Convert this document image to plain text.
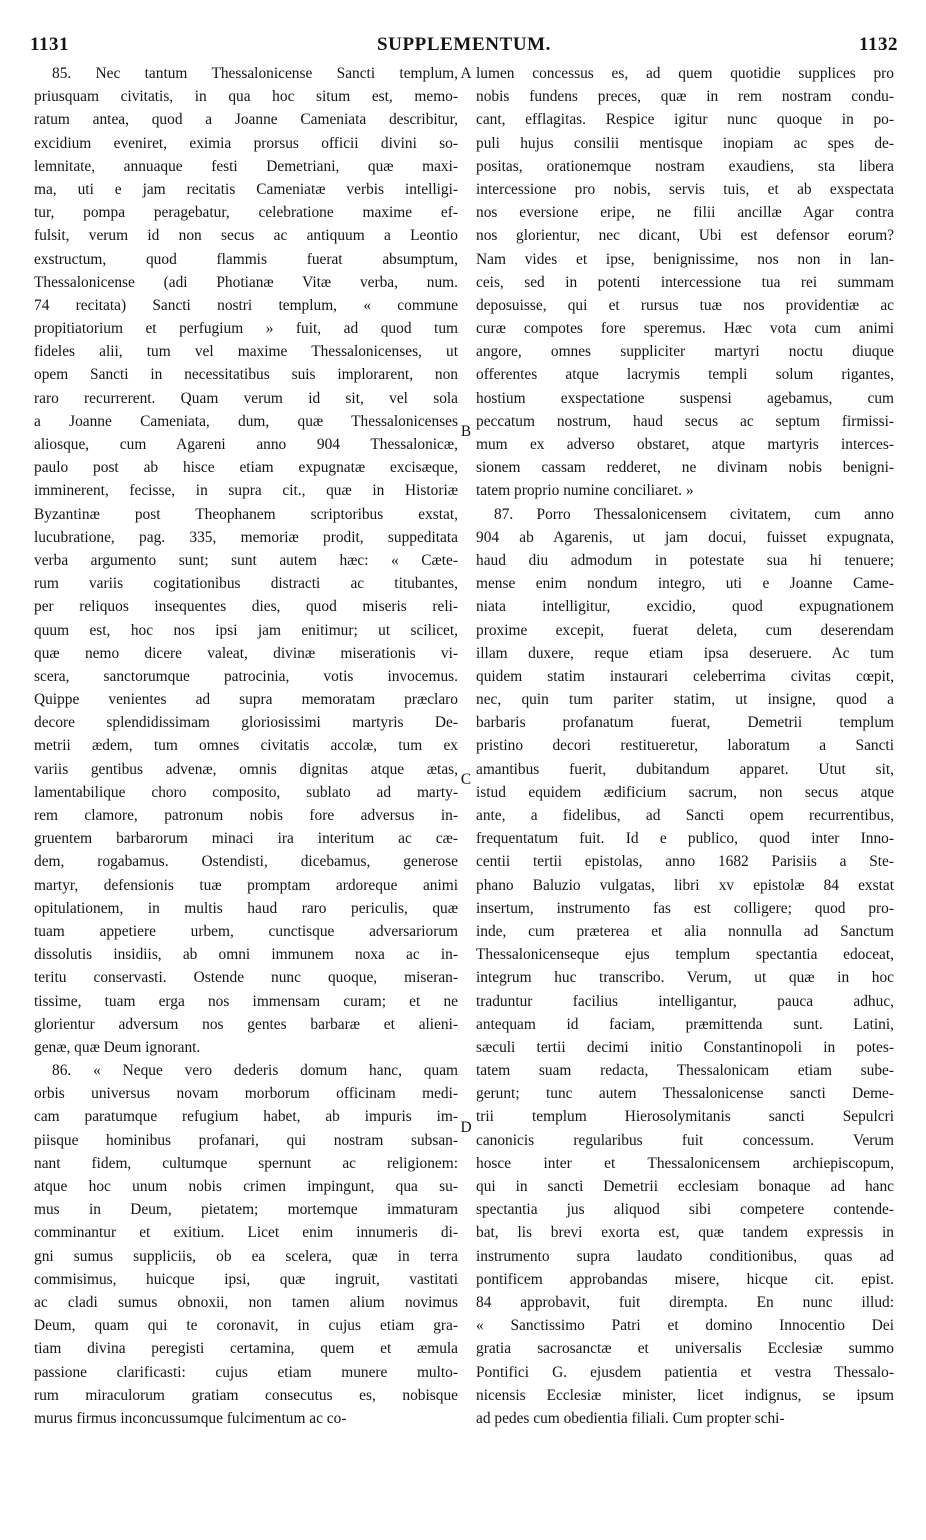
1131	SUPPLEMENTUM.	1132
85. Nec tantum Thessalonicense Sancti templum,
priusquam civitatis, in qua hoc situm est, memo-
ratum antea, quod a Joanne Cameniata describitur,
excidium eveniret, eximia prorsus officii divini so-
lemnitate, annuaque festi Demetriani, quæ maxi-
ma, uti e jam recitatis Cameniatæ verbis intelligi-
tur, pompa peragebatur, celebratione maxime ef-
fulsit, verum id non secus ac antiquum a Leontio
exstructum, quod flammis fuerat absumptum,
Thessalonicense (adi Photianæ Vitæ verba, num.
74 recitata) Sancti nostri templum, « commune
propitiatorium et perfugium » fuit, ad quod tum
fideles alii, tum vel maxime Thessalonicenses, ut
opem Sancti in necessitatibus suis implorarent, non
raro recurrerent. Quam verum id sit, vel sola
a Joanne Cameniata, dum, quæ Thessalonicenses
aliosque, cum Agareni anno 904 Thessalonicæ,
paulo post ab hisce etiam expugnatæ excisæque,
imminerent, fecisse, in supra cit., quæ in Historiæ
Byzantinæ post Theophanem scriptoribus exstat,
lucubratione, pag. 335, memoriæ prodit, suppeditata
verba argumento sunt; sunt autem hæc: « Cæte-
rum variis cogitationibus distracti ac titubantes,
per reliquos insequentes dies, quod miseris reli-
quum est, hoc nos ipsi jam enitimur; ut scilicet,
quæ nemo dicere valeat, divinæ miserationis vi-
scera, sanctorumque patrocinia, votis invocemus.
Quippe venientes ad supra memoratam præclaro
decore splendidissimam gloriosissimi martyris De-
metrii ædem, tum omnes civitatis accolæ, tum ex
variis gentibus advenæ, omnis dignitas atque ætas,
lamentabilique choro composito, sublato ad marty-
rem clamore, patronum nobis fore adversus in-
gruentem barbarorum minaci ira interitum ac cæ-
dem, rogabamus. Ostendisti, dicebamus, generose
martyr, defensionis tuæ promptam ardoreque animi
opitulationem, in multis haud raro periculis, quæ
tuam appetiere urbem, cunctisque adversariorum
dissolutis insidiis, ab omni immunem noxa ac in-
teritu conservasti. Ostende nunc quoque, miseran-
tissime, tuam erga nos immensam curam; et ne
glorientur adversum nos gentes barbaræ et alieni-
genæ, quæ Deum ignorant.
86. « Neque vero dederis domum hanc, quam
orbis universus novam morborum officinam medi-
cam paratumque refugium habet, ab impuris im-
piisque hominibus profanari, qui nostram subsan-
nant fidem, cultumque spernunt ac religionem:
atque hoc unum nobis crimen impingunt, qua su-
mus in Deum, pietatem; mortemque immaturam
comminantur et exitium. Licet enim innumeris di-
gni sumus suppliciis, ob ea scelera, quæ in terra
commisimus, huicque ipsi, quæ ingruit, vastitati
ac cladi sumus obnoxii, non tamen alium novimus
Deum, quam qui te coronavit, in cujus etiam gra-
tiam divina peregisti certamina, quem et æmula
passione clarificasti: cujus etiam munere multo-
rum miraculorum gratiam consecutus es, nobisque
murus firmus inconcussumque fulcimentum ac co-
lumen concessus es, ad quem quotidie supplices pro
nobis fundens preces, quæ in rem nostram condu-
cant, efflagitas. Respice igitur nunc quoque in po-
puli hujus consilii mentisque inopiam ac spes de-
positas, orationemque nostram exaudiens, sta libera
intercessione pro nobis, servis tuis, et ab exspectata
nos eversione eripe, ne filii ancillæ Agar contra
nos glorientur, nec dicant, Ubi est defensor eorum?
Nam vides et ipse, benignissime, nos non in lan-
ceis, sed in potenti intercessione tua rei summam
deposuisse, qui et rursus tuæ nos providentiæ ac
curæ compotes fore speremus. Hæc vota cum animi
angore, omnes suppliciter martyri noctu diuque
offerentes atque lacrymis templi solum rigantes,
hostium exspectatione suspensi agebamus, cum
peccatum nostrum, haud secus ac septum firmissi-
mum ex adverso obstaret, atque martyris interces-
sionem cassam redderet, ne divinam nobis benigni-
tatem proprio numine conciliaret. »
87. Porro Thessalonicensem civitatem, cum anno
904 ab Agarenis, ut jam docui, fuisset expugnata,
haud diu admodum in potestate sua hi tenuere;
mense enim nondum integro, uti e Joanne Came-
niata intelligitur, excidio, quod expugnationem
proxime excepit, fuerat deleta, cum deserendam
illam duxere, reque etiam ipsa deseruere. Ac tum
quidem statim instaurari celeberrima civitas cœpit,
nec, quin tum pariter statim, ut insigne, quod a
barbaris profanatum fuerat, Demetrii templum
pristino decori restitueretur, laboratum a Sancti
amantibus fuerit, dubitandum apparet. Utut sit,
istud equidem ædificium sacrum, non secus atque
ante, a fidelibus, ad Sancti opem recurrentibus,
frequentatum fuit. Id e publico, quod inter Inno-
centii tertii epistolas, anno 1682 Parisiis a Ste-
phano Baluzio vulgatas, libri xv epistolæ 84 exstat
insertum, instrumento fas est colligere; quod pro-
inde, cum præterea et alia nonnulla ad Sanctum
Thessalonicenseque ejus templum spectantia edoceat,
integrum huc transcribo. Verum, ut quæ in hoc
traduntur facilius intelligantur, pauca adhuc,
antequam id faciam, præmittenda sunt. Latini,
sæculi tertii decimi initio Constantinopoli in potes-
tatem suam redacta, Thessalonicam etiam sube-
gerunt; tunc autem Thessalonicense sancti Deme-
trii templum Hierosolymitanis sancti Sepulcri
canonicis regularibus fuit concessum. Verum
hosce inter et Thessalonicensem archiepiscopum,
qui in sancti Demetrii ecclesiam bonaque ad hanc
spectantia jus aliquod sibi competere contende-
bat, lis brevi exorta est, quæ tandem expressis in
instrumento supra laudato conditionibus, quas ad
pontificem approbandas misere, hicque cit. epist.
84 approbavit, fuit dirempta. En nunc illud:
« Sanctissimo Patri et domino Innocentio Dei
gratia sacrosanctæ et universalis Ecclesiæ summo
Pontifici G. ejusdem patientia et vestra Thessalo-
nicensis Ecclesiæ minister, licet indignus, se ipsum
ad pedes cum obedientia filiali. Cum propter schi-
A
B
C
D
